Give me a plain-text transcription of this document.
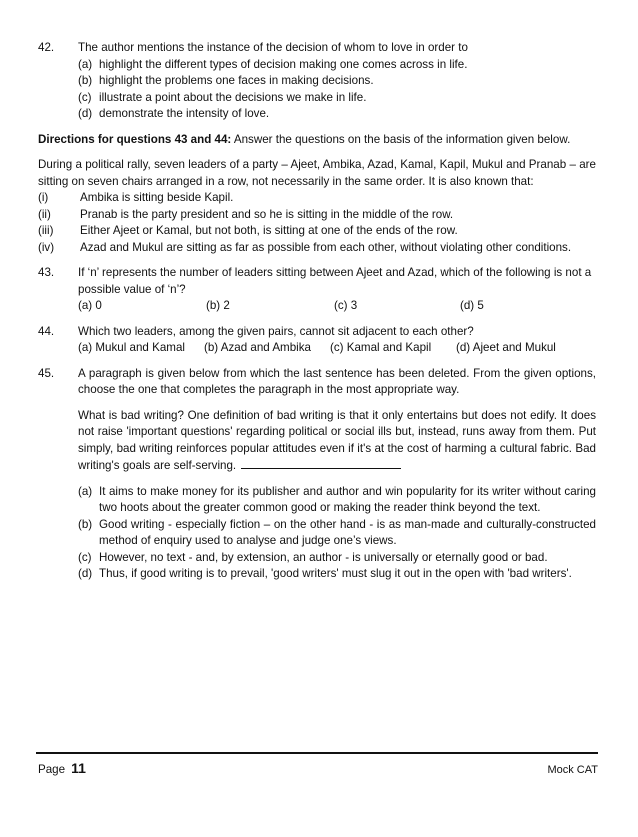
42.	The author mentions the instance of the decision of whom to love in order to
(a) highlight the different types of decision making one comes across in life.
(b) highlight the problems one faces in making decisions.
(c) illustrate a point about the decisions we make in life.
(d) demonstrate the intensity of love.
Directions for questions 43 and 44: Answer the questions on the basis of the information given below.
During a political rally, seven leaders of a party – Ajeet, Ambika, Azad, Kamal, Kapil, Mukul and Pranab – are sitting on seven chairs arranged in a row, not necessarily in the same order. It is also known that:
(i)	Ambika is sitting beside Kapil.
(ii)	Pranab is the party president and so he is sitting in the middle of the row.
(iii)	Either Ajeet or Kamal, but not both, is sitting at one of the ends of the row.
(iv)	Azad and Mukul are sitting as far as possible from each other, without violating other conditions.
43.	If ‘n’ represents the number of leaders sitting between Ajeet and Azad, which of the following is not a possible value of ‘n’?
(a) 0	(b) 2	(c) 3	(d) 5
44.	Which two leaders, among the given pairs, cannot sit adjacent to each other?
(a) Mukul and Kamal	(b) Azad and Ambika	(c) Kamal and Kapil	(d) Ajeet and Mukul
45.	A paragraph is given below from which the last sentence has been deleted. From the given options, choose the one that completes the paragraph in the most appropriate way.
What is bad writing? One definition of bad writing is that it only entertains but does not edify. It does not raise 'important questions' regarding political or social ills but, instead, runs away from them. Put simply, bad writing reinforces popular attitudes even if it's at the cost of harming a cultural fabric. Bad writing's goals are self-serving.
(a) It aims to make money for its publisher and author and win popularity for its writer without caring two hoots about the greater common good or making the reader think beyond the text.
(b) Good writing - especially fiction – on the other hand - is as man-made and culturally-constructed method of enquiry used to analyse and judge one’s views.
(c) However, no text - and, by extension, an author - is universally or eternally good or bad.
(d) Thus, if good writing is to prevail, 'good writers' must slug it out in the open with 'bad writers'.
Page 11	Mock CAT
